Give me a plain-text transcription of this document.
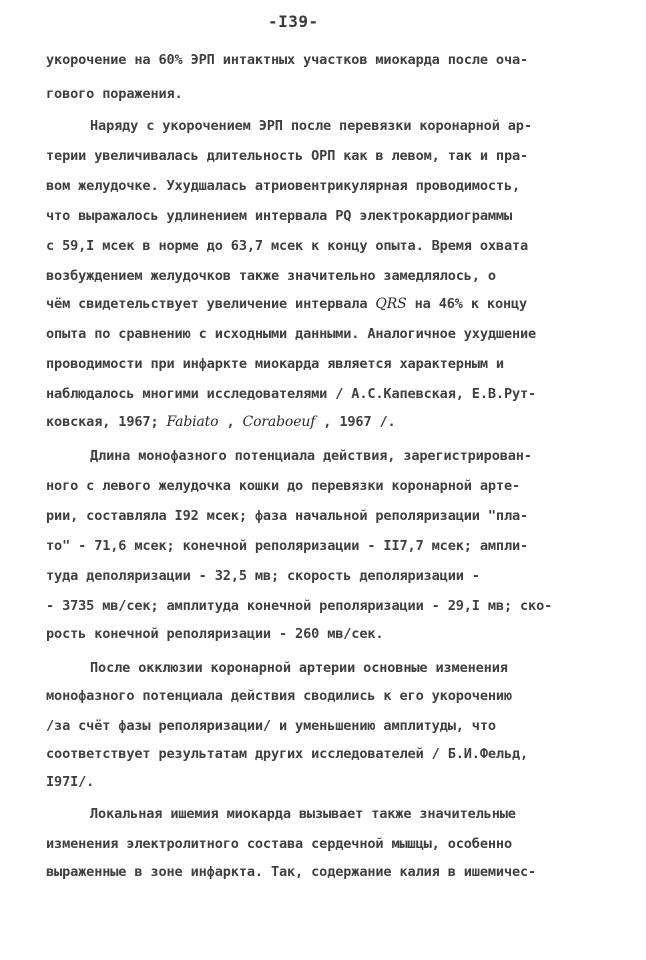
-I39-
укорочение на 60% ЭРП интактных участков миокарда после оча-
гового поражения.
Наряду с укорочением ЭРП после перевязки коронарной ар-
терии увеличивалась длительность ОРП как в левом, так и пра-
вом желудочке. Ухудшалась атриовентрикулярная проводимость,
что выражалось удлинением интервала PQ электрокардиограммы
с 59,I мсек в норме до 63,7 мсек к концу опыта. Время охвата
возбуждением желудочков также значительно замедлялось, о
чём свидетельствует увеличение интервала QRS на 46% к концу
опыта по сравнению с исходными данными. Аналогичное ухудшение
проводимости при инфаркте миокарда является характерным и
наблюдалось многими исследователями / А.С.Капевская, Е.В.Рут-
ковская, 1967; Fabiato , Coraboeuf , 1967 /.
Длина монофазного потенциала действия, зарегистрирован-
ного с левого желудочка кошки до перевязки коронарной арте-
рии, составляла I92 мсек; фаза начальной реполяризации "пла-
то" - 71,6 мсек; конечной реполяризации - II7,7 мсек; ампли-
туда деполяризации - 32,5 мв; скорость деполяризации -
- 3735 мв/сек; амплитуда конечной реполяризации - 29,I мв; ско-
рость конечной реполяризации - 260 мв/сек.
После окклюзии коронарной артерии основные изменения
монофазного потенциала действия сводились к его укорочению
/за счёт фазы реполяризации/ и уменьшению амплитуды, что
соответствует результатам других исследователей / Б.И.Фельд,
I97I/.
Локальная ишемия миокарда вызывает также значительные
изменения электролитного состава сердечной мышцы, особенно
выраженные в зоне инфаркта. Так, содержание калия в ишемичес-
